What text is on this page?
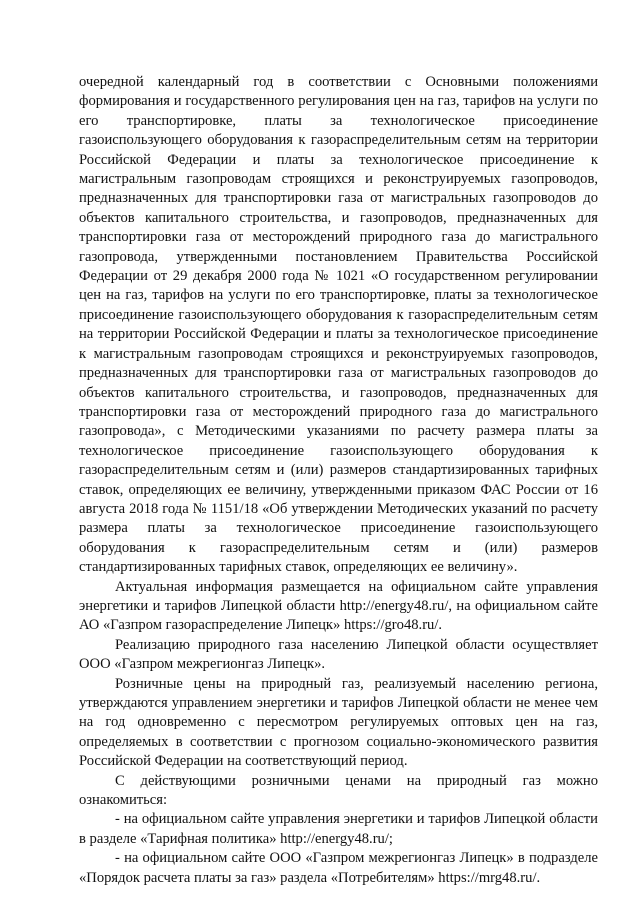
очередной календарный год в соответствии с Основными положениями формирования и государственного регулирования цен на газ, тарифов на услуги по его транспортировке, платы за технологическое присоединение газоиспользующего оборудования к газораспределительным сетям на территории Российской Федерации и платы за технологическое присоединение к магистральным газопроводам строящихся и реконструируемых газопроводов, предназначенных для транспортировки газа от магистральных газопроводов до объектов капитального строительства, и газопроводов, предназначенных для транспортировки газа от месторождений природного газа до магистрального газопровода, утвержденными постановлением Правительства Российской Федерации от 29 декабря 2000 года № 1021 «О государственном регулировании цен на газ, тарифов на услуги по его транспортировке, платы за технологическое присоединение газоиспользующего оборудования к газораспределительным сетям на территории Российской Федерации и платы за технологическое присоединение к магистральным газопроводам строящихся и реконструируемых газопроводов, предназначенных для транспортировки газа от магистральных газопроводов до объектов капитального строительства, и газопроводов, предназначенных для транспортировки газа от месторождений природного газа до магистрального газопровода», с Методическими указаниями по расчету размера платы за технологическое присоединение газоиспользующего оборудования к газораспределительным сетям и (или) размеров стандартизированных тарифных ставок, определяющих ее величину, утвержденными приказом ФАС России от 16 августа 2018 года № 1151/18 «Об утверждении Методических указаний по расчету размера платы за технологическое присоединение газоиспользующего оборудования к газораспределительным сетям и (или) размеров стандартизированных тарифных ставок, определяющих ее величину».

Актуальная информация размещается на официальном сайте управления энергетики и тарифов Липецкой области http://energy48.ru/, на официальном сайте АО «Газпром газораспределение Липецк» https://gro48.ru/.

Реализацию природного газа населению Липецкой области осуществляет ООО «Газпром межрегионгаз Липецк».

Розничные цены на природный газ, реализуемый населению региона, утверждаются управлением энергетики и тарифов Липецкой области не менее чем на год одновременно с пересмотром регулируемых оптовых цен на газ, определяемых в соответствии с прогнозом социально-экономического развития Российской Федерации на соответствующий период.

С действующими розничными ценами на природный газ можно ознакомиться:

- на официальном сайте управления энергетики и тарифов Липецкой области в разделе «Тарифная политика» http://energy48.ru/;

- на официальном сайте ООО «Газпром межрегионгаз Липецк» в подразделе «Порядок расчета платы за газ» раздела «Потребителям» https://mrg48.ru/.
